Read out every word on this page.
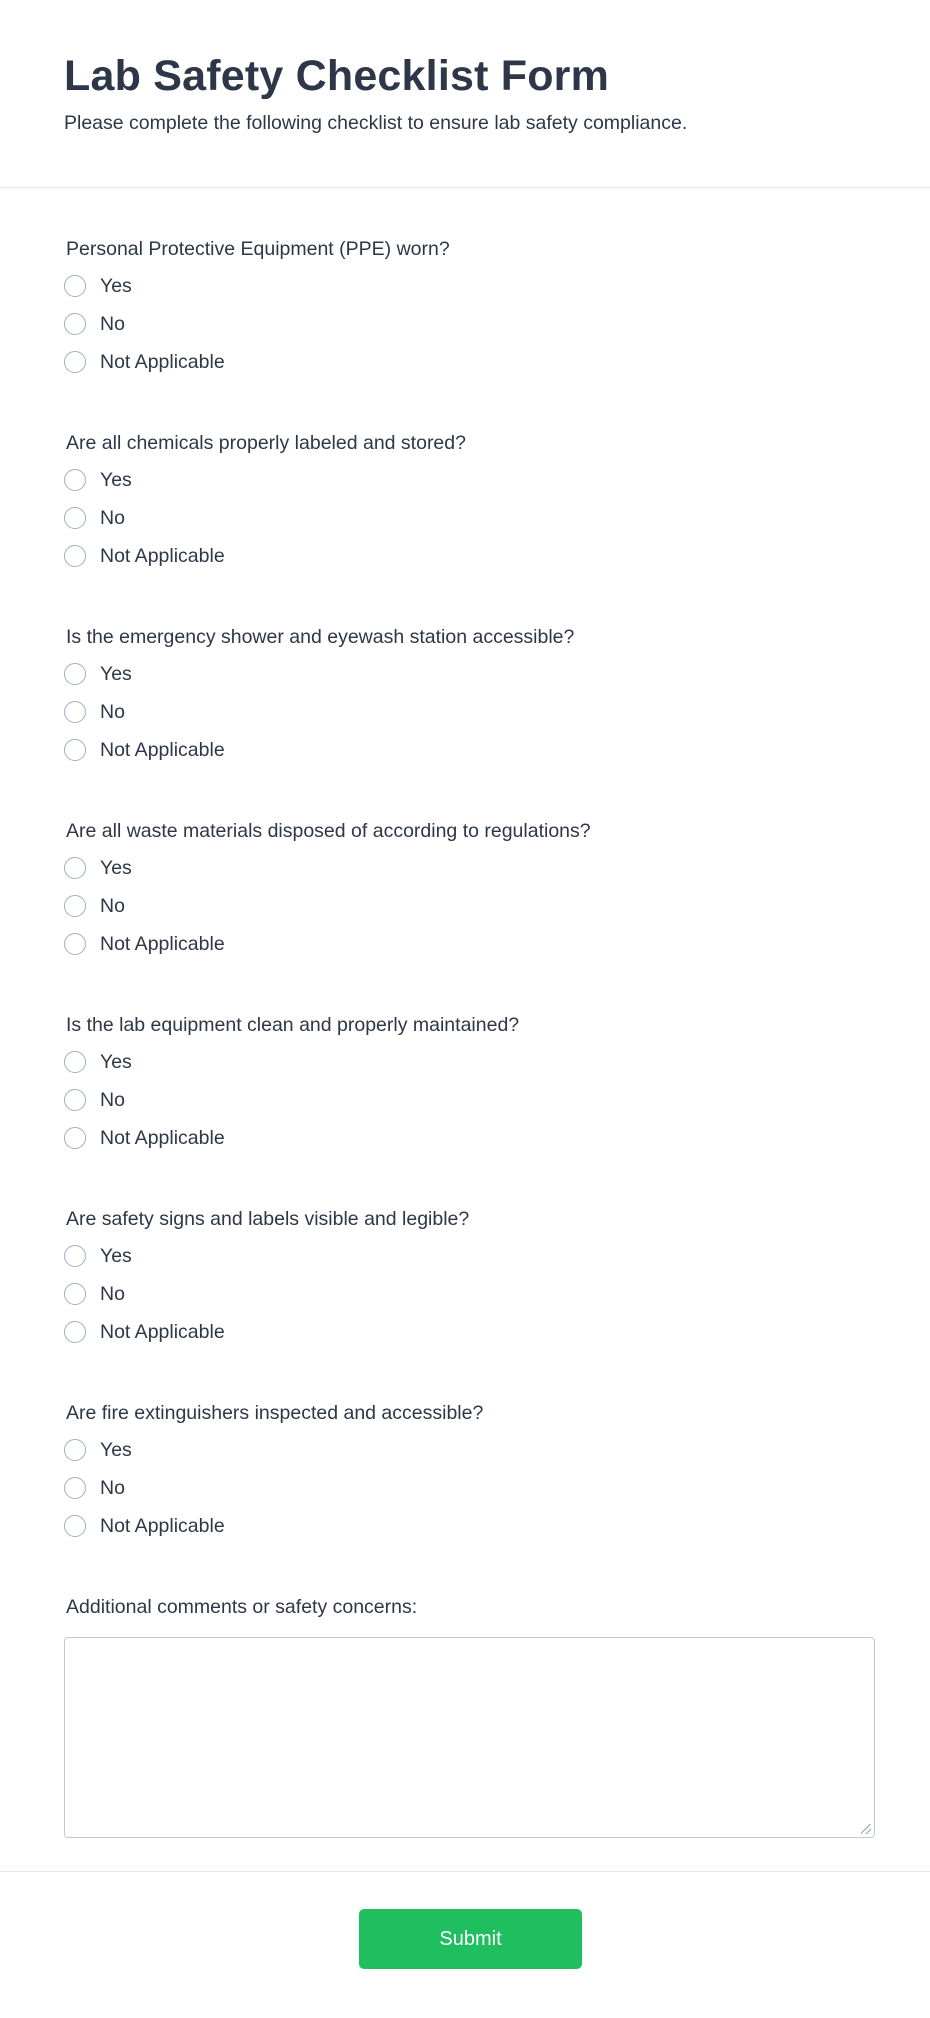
Lab Safety Checklist Form

Please complete the following checklist to ensure lab safety compliance.

Personal Protective Equipment (PPE) worn?
Yes
No
Not Applicable
Are all chemicals properly labeled and stored?
Yes
No
Not Applicable
Is the emergency shower and eyewash station accessible?
Yes
No
Not Applicable
Are all waste materials disposed of according to regulations?
Yes
No
Not Applicable
Is the lab equipment clean and properly maintained?
Yes
No
Not Applicable
Are safety signs and labels visible and legible?
Yes
No
Not Applicable
Are fire extinguishers inspected and accessible?
Yes
No
Not Applicable
Additional comments or safety concerns:
Submit
